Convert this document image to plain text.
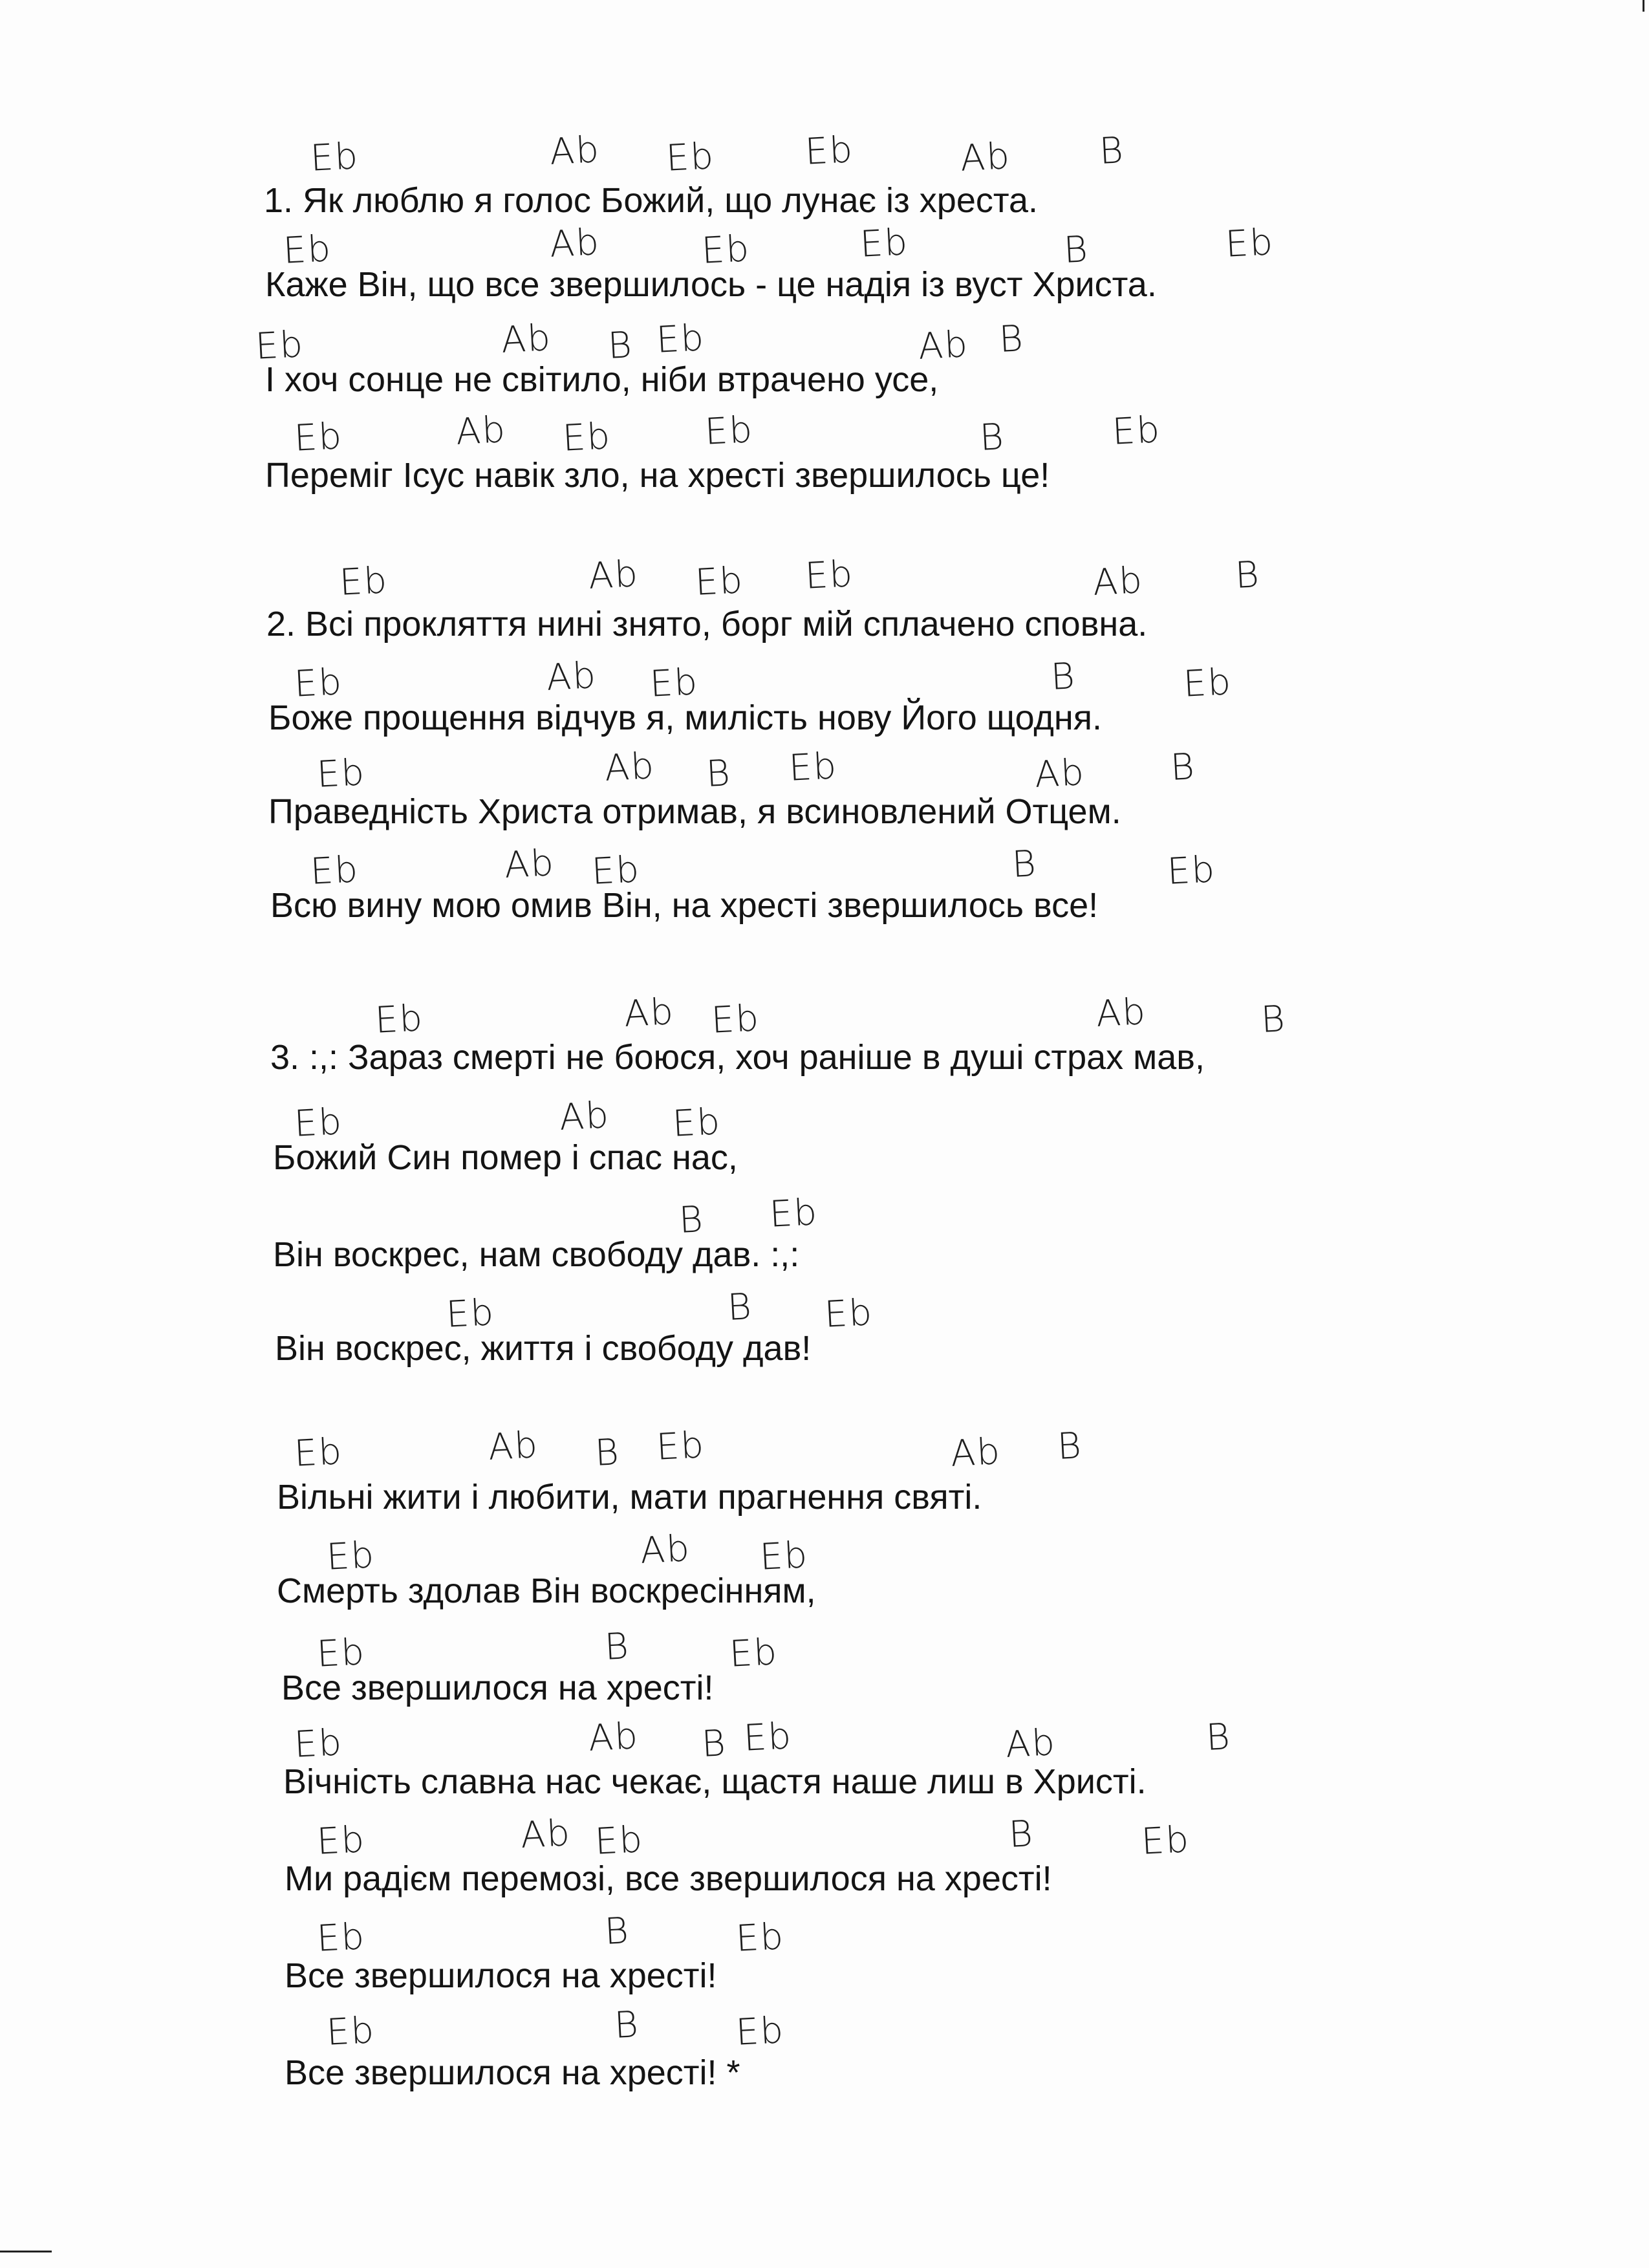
1. Як люблю я голос Божий, що лунає із хреста.
Eb	Ab Eb Eb	Ab B
Каже Він, що все звершилось - це надія із вуст Христа.
Eb	Ab	Eb	Eb	B	Eb
І хоч сонце не світило, ніби втрачено усе,
Eb	Ab B Eb	Ab B
Переміг Ісус навік зло, на хресті звершилось це!
Eb	Ab Eb	Eb	B	Eb
2. Всі прокляття нині знято, борг мій сплачено сповна.
Eb	Ab Eb Eb	Ab B
Боже прощення відчув я, милість нову Його щодня.
Eb	Ab Eb	B	Eb
Праведність Христа отримав, я всиновлений Отцем.
Eb	Ab B Eb	Ab B
Всю вину мою омив Він, на хресті звершилось все!
Eb	Ab Eb	B	Eb
3. :,: Зараз смерті не боюся, хоч раніше в душі страх мав,
Eb	Ab Eb	Ab	B
Божий Син помер і спас нас,
Eb	Ab Eb
Він воскрес, нам свободу дав. :,:
B Eb
Він воскрес, життя і свободу дав!
Eb	B Eb
Вільні жити і любити, мати прагнення святі.
Eb	Ab B Eb	Ab B
Смерть здолав Він воскресінням,
Eb	Ab Eb
Все звершилося на хресті!
Eb	B	Eb
Вічність славна нас чекає, щастя наше лиш в Христі.
Eb	Ab B Eb	Ab	B
Ми радієм перемозі, все звершилося на хресті!
Eb	Ab Eb	B	Eb
Все звершилося на хресті!
Eb	B	Eb
Все звершилося на хресті! *
Eb	B	Eb
